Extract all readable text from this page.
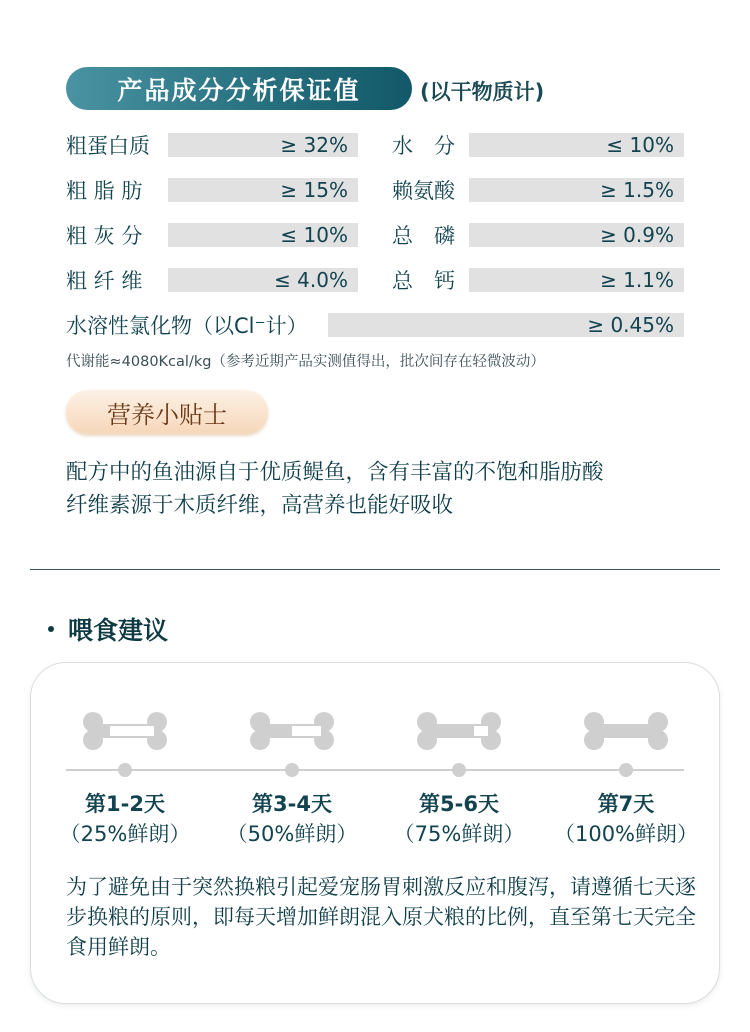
产品成分分析保证值	(以干物质计)
粗蛋白质	≥ 32%	水　分	≤ 10%
粗 脂 肪	≥ 15%	赖氨酸	≥ 1.5%
粗 灰 分	≤ 10%	总　磷	≥ 0.9%
粗 纤 维	≤ 4.0%	总　钙	≥ 1.1%
水溶性氯化物（以Cl⁻计）	≥ 0.45%
代谢能≈4080Kcal/kg（参考近期产品实测值得出，批次间存在轻微波动）
营养小贴士
配方中的鱼油源自于优质鳀鱼，含有丰富的不饱和脂肪酸
纤维素源于木质纤维，高营养也能好吸收
喂食建议
第1-2天
（25%鲜朗）
第3-4天
（50%鲜朗）
第5-6天
（75%鲜朗）
第7天
（100%鲜朗）
为了避免由于突然换粮引起爱宠肠胃刺激反应和腹泻，请遵循七天逐步换粮的原则，即每天增加鲜朗混入原犬粮的比例，直至第七天完全食用鲜朗。
